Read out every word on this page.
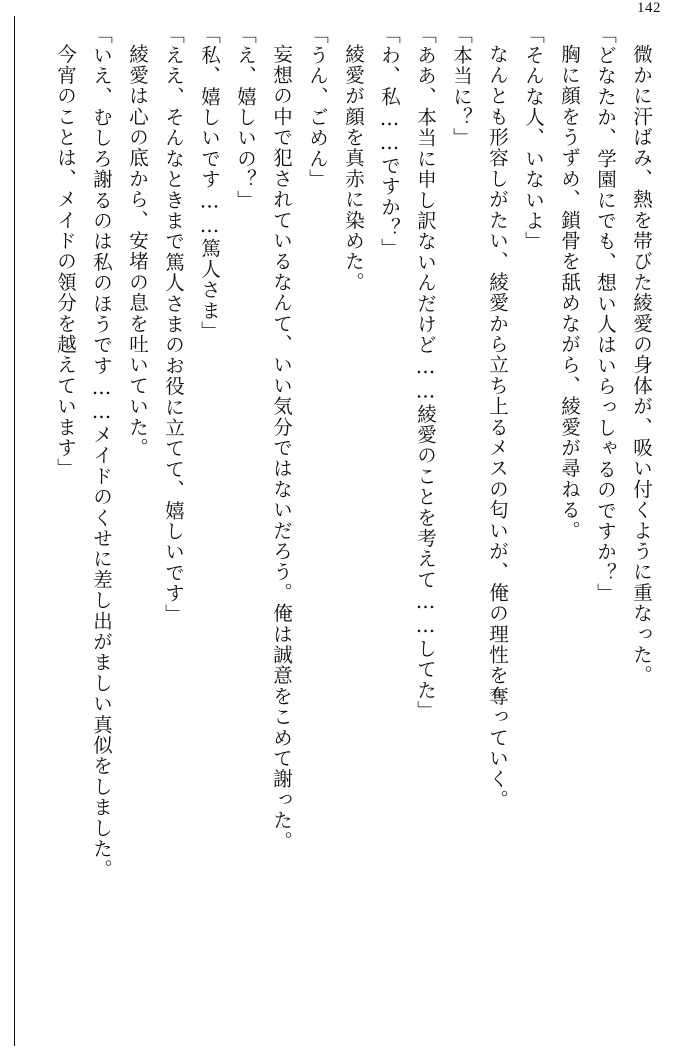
142
微かに汗ばみ、熱を帯びた綾愛の身体が、吸い付くように重なった。
「どなたか、学園にでも、想い人はいらっしゃるのですか？」
胸に顔をうずめ、鎖骨を舐めながら、綾愛が尋ねる。
「そんな人、いないよ」
なんとも形容しがたい、綾愛から立ち上るメスの匂いが、俺の理性を奪っていく。
「本当に？」
「ああ、本当に申し訳ないんだけど……綾愛のことを考えて……してた」
「わ、私……ですか？」
綾愛が顔を真赤に染めた。
「うん、ごめん」
妄想の中で犯されているなんて、いい気分ではないだろう。俺は誠意をこめて謝った。
「え、嬉しいの？」
「私、嬉しいです……篤人さま」
「ええ、そんなときまで篤人さまのお役に立てて、嬉しいです」
綾愛は心の底から、安堵の息を吐いていた。
「いえ、むしろ謝るのは私のほうです……メイドのくせに差し出がましい真似をしました。
今宵のことは、メイドの領分を越えています」
